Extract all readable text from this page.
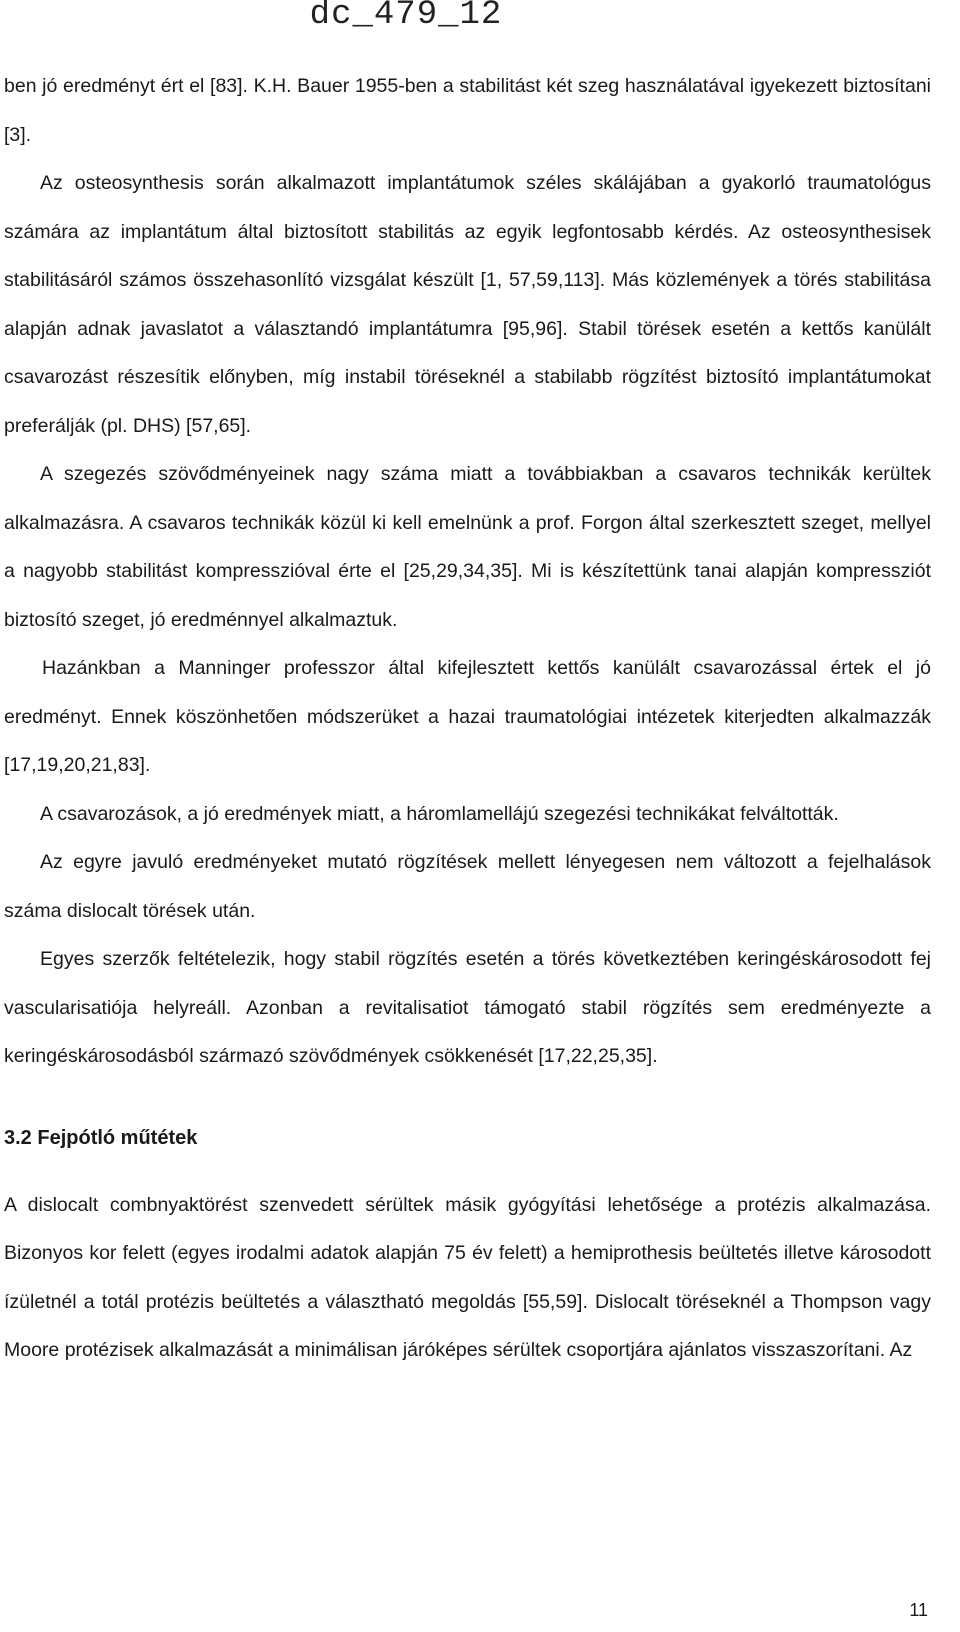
dc_479_12

ben jó eredményt ért el [83]. K.H. Bauer 1955-ben a stabilitást két szeg használatával igyekezett biztosítani [3].

Az osteosynthesis során alkalmazott implantátumok széles skálájában a gyakorló traumatológus számára az implantátum által biztosított stabilitás az egyik legfontosabb kérdés. Az osteosynthesisek stabilitásáról számos összehasonlító vizsgálat készült [1, 57,59,113]. Más közlemények a törés stabilitása alapján adnak javaslatot a választandó implantátumra [95,96]. Stabil törések esetén a kettős kanülált csavarozást részesítik előnyben, míg instabil töréseknél a stabilabb rögzítést biztosító implantátumokat preferálják (pl. DHS) [57,65].

A szegezés szövődményeinek nagy száma miatt a továbbiakban a csavaros technikák kerültek alkalmazásra. A csavaros technikák közül ki kell emelnünk a prof. Forgon által szerkesztett szeget, mellyel a nagyobb stabilitást kompresszióval érte el [25,29,34,35]. Mi is készítettünk tanai alapján kompressziót biztosító szeget, jó eredménnyel alkalmaztuk.

Hazánkban a Manninger professzor által kifejlesztett kettős kanülált csavarozással értek el jó eredményt. Ennek köszönhetően módszerüket a hazai traumatológiai intézetek kiterjedten alkalmazzák [17,19,20,21,83].

A csavarozások, a jó eredmények miatt, a háromlamellájú szegezési technikákat felváltották.

Az egyre javuló eredményeket mutató rögzítések mellett lényegesen nem változott a fejelhalások száma dislocalt törések után.

Egyes szerzők feltételezik, hogy stabil rögzítés esetén a törés következtében keringéskárosodott fej vascularisatiója helyreáll. Azonban a revitalisatiot támogató stabil rögzítés sem eredményezte a keringéskárosodásból származó szövődmények csökkenését [17,22,25,35].

3.2 Fejpótló műtétek

A dislocalt combnyaktörést szenvedett sérültek másik gyógyítási lehetősége a protézis alkalmazása. Bizonyos kor felett (egyes irodalmi adatok alapján 75 év felett) a hemiprothesis beültetés illetve károsodott ízületnél a totál protézis beültetés a választható megoldás [55,59]. Dislocalt töréseknél a Thompson vagy Moore protézisek alkalmazását a minimálisan járóképes sérültek csoportjára ajánlatos visszaszorítani. Az

11
